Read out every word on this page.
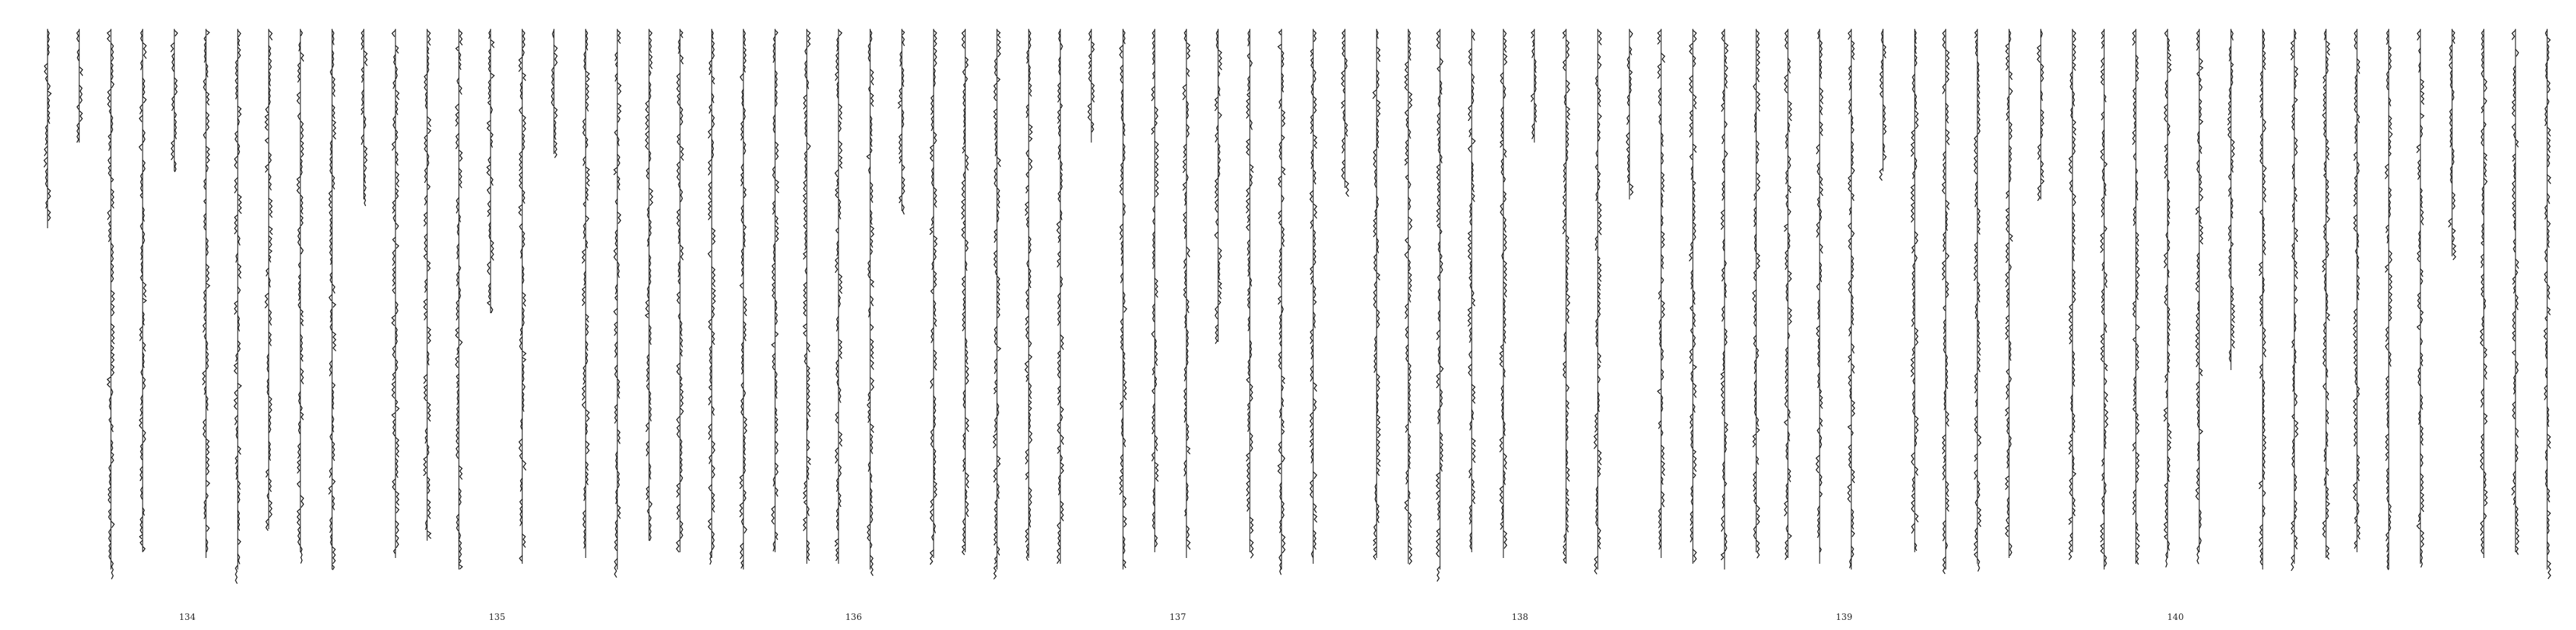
134	135	136	137	138	139	140
